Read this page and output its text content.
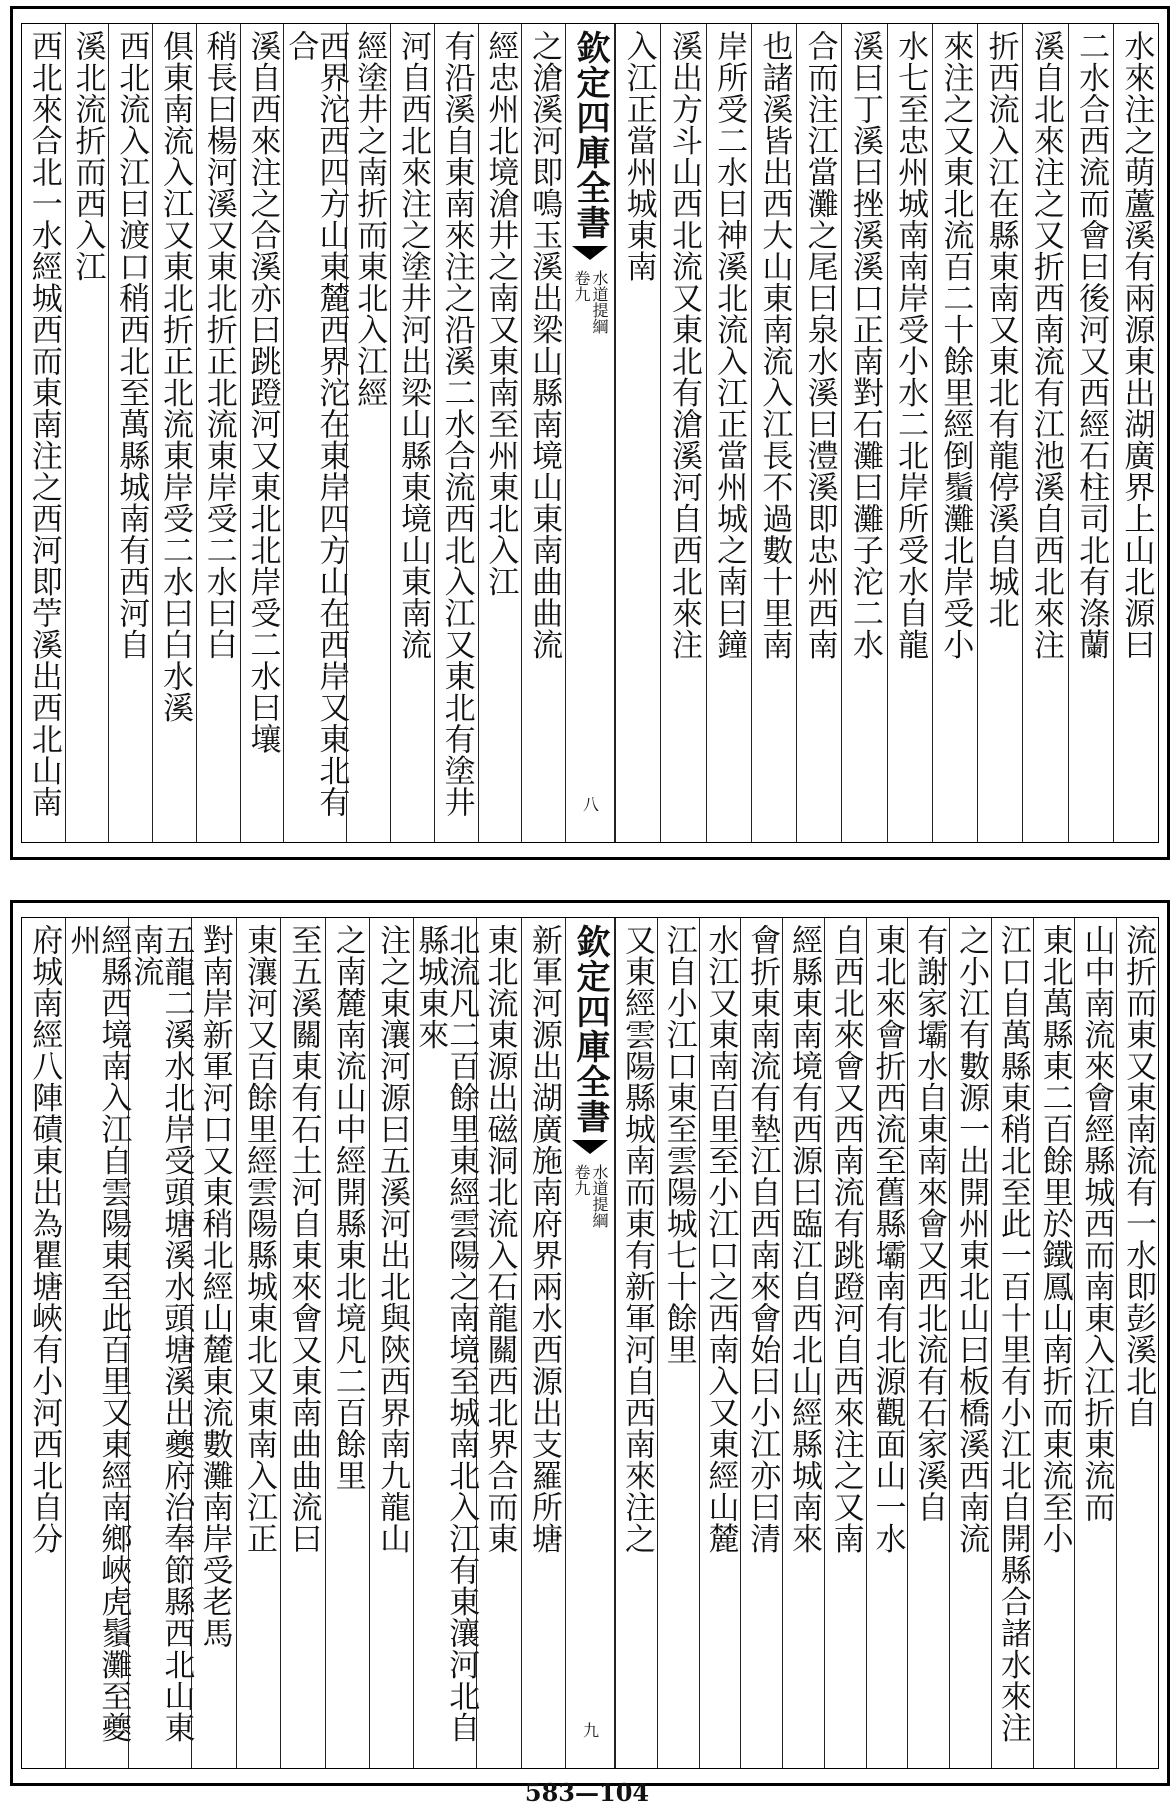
水來注之萌蘆溪有兩源東出湖廣界上山北源曰
二水合西流而會曰後河又西經石柱司北有涤蘭
溪自北來注之又折西南流有江池溪自西北來注
折西流入江在縣東南又東北有龍停溪自城北
來注之又東北流百二十餘里經倒鬚灘北岸受小
水七至忠州城南南岸受小水二北岸所受水自龍
溪曰丁溪曰挫溪溪口正南對石灘曰灘子沱二水
合而注江當灘之尾曰泉水溪曰澧溪即忠州西南
也諸溪皆出西大山東南流入江長不過數十里南
岸所受二水曰神溪北流入江正當州城之南曰鐘
溪出方斗山西北流又東北有滄溪河自西北來注
入江正當州城東南
欽定四庫全書
水道提綱
卷九
八
之滄溪河即鳴玉溪出梁山縣南境山東南曲曲流
經忠州北境滄井之南又東南至州東北入江
有沿溪自東南來注之沿溪二水合流西北入江又東北有塗井
河自西北來注之塗井河出梁山縣東境山東南流
經塗井之南折而東北入江經
西界沱西四方山東麓西界沱在東岸四方山在西岸又東北有合
溪自西來注之合溪亦曰跳蹬河又東北北岸受二水曰壤
稍長曰楊河溪又東北折正北流東岸受二水曰白
俱東南流入江又東北折正北流東岸受二水曰白水溪
西北流入江曰渡口稍西北至萬縣城南有西河自
溪北流折而西入江
西北來合北一水經城西而東南注之西河即苧溪出西北山南
流折而東又東南流有一水即彭溪北自
山中南流來會經縣城西而南東入江折東流而
東北萬縣東二百餘里於鐵鳳山南折而東流至小
江口自萬縣東稍北至此一百十里有小江北自開縣合諸水來注
之小江有數源一出開州東北山曰板橋溪西南流
有謝家壩水自東南來會又西北流有石家溪自
東北來會折西流至舊縣壩南有北源觀面山一水
自西北來會又西南流有跳蹬河自西來注之又南
經縣東南境有西源曰臨江自西北山經縣城南來
會折東南流有墊江自西南來會始曰小江亦曰清
水江又東南百里至小江口之西南入又東經山麓
江自小江口東至雲陽城七十餘里
又東經雲陽縣城南而東有新軍河自西南來注之
欽定四庫全書
水道提綱
卷九
九
新軍河源出湖廣施南府界兩水西源出支羅所塘
東北流東源出磁洞北流入石龍關西北界合而東
北流凡二百餘里東經雲陽之南境至城南北入江有東瀼河北自縣城東來
注之東瀼河源曰五溪河出北與陝西界南九龍山
之南麓南流山中經開縣東北境凡二百餘里
至五溪關東有石土河自東來會又東南曲曲流曰
東瀼河又百餘里經雲陽縣城東北又東南入江正
對南岸新軍河口又東稍北經山麓東流數灘南岸受老馬
五龍二溪水北岸受頭塘溪水頭塘溪出夔府治奉節縣西北山東南流
經縣西境南入江自雲陽東至此百里又東經南鄉峽虎鬚灘至夔州
府城南經八陣磧東出為瞿塘峽有小河西北自分
583—104
